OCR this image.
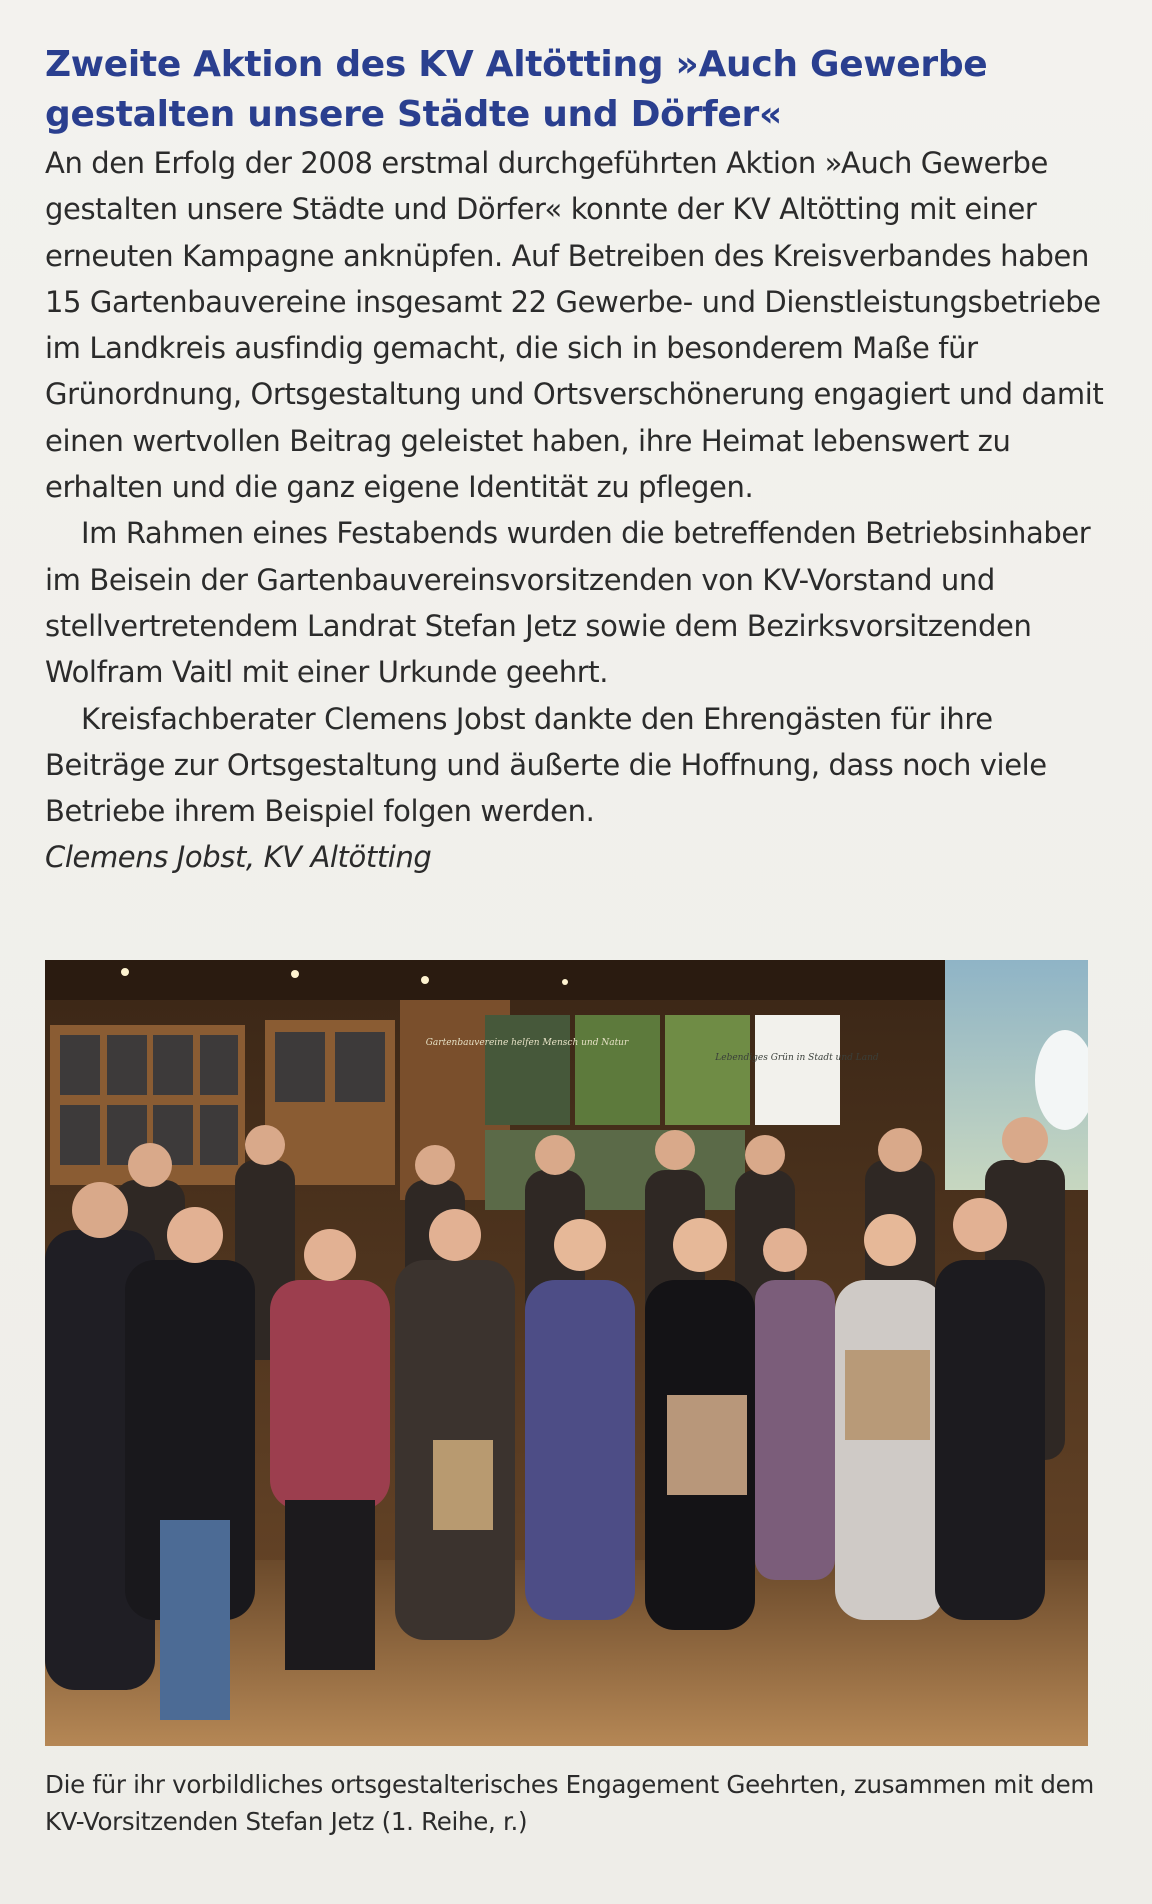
Zweite Aktion des KV Altötting »Auch Gewerbe gestalten unsere Städte und Dörfer«

An den Erfolg der 2008 erstmal durchgeführten Aktion »Auch Gewerbe gestalten unsere Städte und Dörfer« konnte der KV Altötting mit einer erneuten Kampagne anknüpfen. Auf Betreiben des Kreisverbandes haben 15 Gartenbauvereine insgesamt 22 Gewerbe- und Dienstleistungsbetriebe im Landkreis ausfindig gemacht, die sich in besonderem Maße für Grünordnung, Ortsgestaltung und Ortsverschönerung engagiert und damit einen wertvollen Beitrag geleistet haben, ihre Heimat lebenswert zu erhalten und die ganz eigene Identität zu pflegen.

Im Rahmen eines Festabends wurden die betreffenden Betriebsinhaber im Beisein der Gartenbauvereinsvorsitzenden von KV-Vorstand und stellvertretendem Landrat Stefan Jetz sowie dem Bezirksvorsitzenden Wolfram Vaitl mit einer Urkunde geehrt.

Kreisfachberater Clemens Jobst dankte den Ehrengästen für ihre Beiträge zur Ortsgestaltung und äußerte die Hoffnung, dass noch viele Betriebe ihrem Beispiel folgen werden.

Clemens Jobst, KV Altötting

Gartenbauvereine helfen Mensch und Natur
Lebendiges Grün in Stadt und Land

Die für ihr vorbildliches ortsgestalterisches Engagement Geehrten, zusammen mit dem KV-Vorsitzenden Stefan Jetz (1. Reihe, r.)
